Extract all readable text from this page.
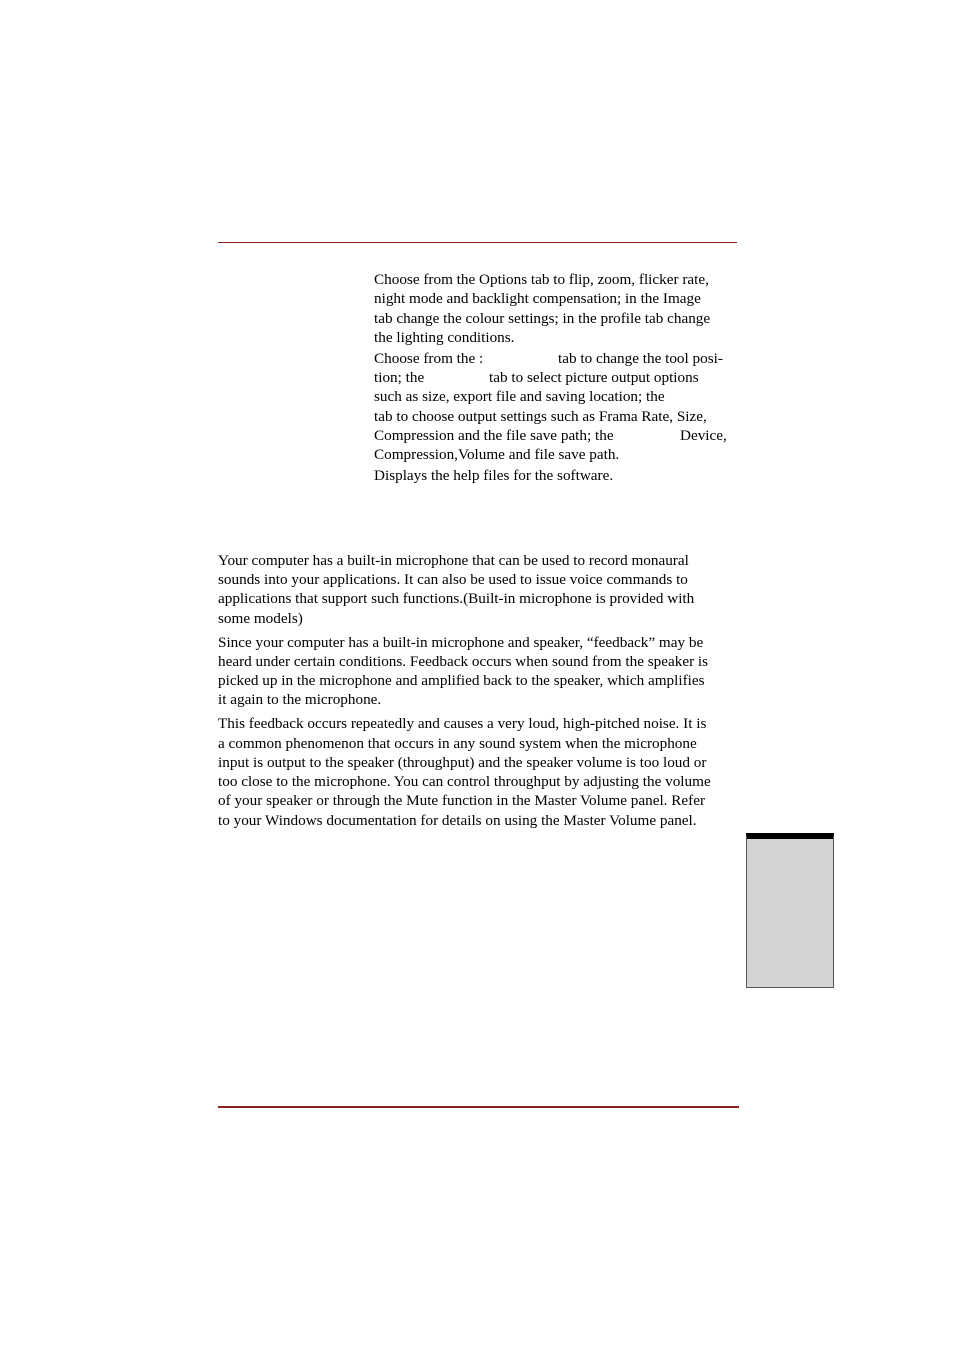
Choose from the Options tab to flip, zoom, flicker rate,
night mode and backlight compensation; in the Image
tab change the colour settings; in the profile tab change
the lighting conditions.
Choose from the :	tab to change the tool posi-
tion; the	tab to select picture output options
such as size, export file and saving location; the
tab to choose output settings such as Frama Rate, Size,
Compression and the file save path; the	Device,
Compression,Volume and file save path.
Displays the help files for the software.
Your computer has a built-in microphone that can be used to record monaural
sounds into your applications. It can also be used to issue voice commands to
applications that support such functions.(Built-in microphone is provided with
some models)
Since your computer has a built-in microphone and speaker, “feedback” may be
heard under certain conditions. Feedback occurs when sound from the speaker is
picked up in the microphone and amplified back to the speaker, which amplifies
it again to the microphone.
This feedback occurs repeatedly and causes a very loud, high-pitched noise. It is
a common phenomenon that occurs in any sound system when the microphone
input is output to the speaker (throughput) and the speaker volume is too loud or
too close to the microphone. You can control throughput by adjusting the volume
of your speaker or through the Mute function in the Master Volume panel. Refer
to your Windows documentation for details on using the Master Volume panel.
